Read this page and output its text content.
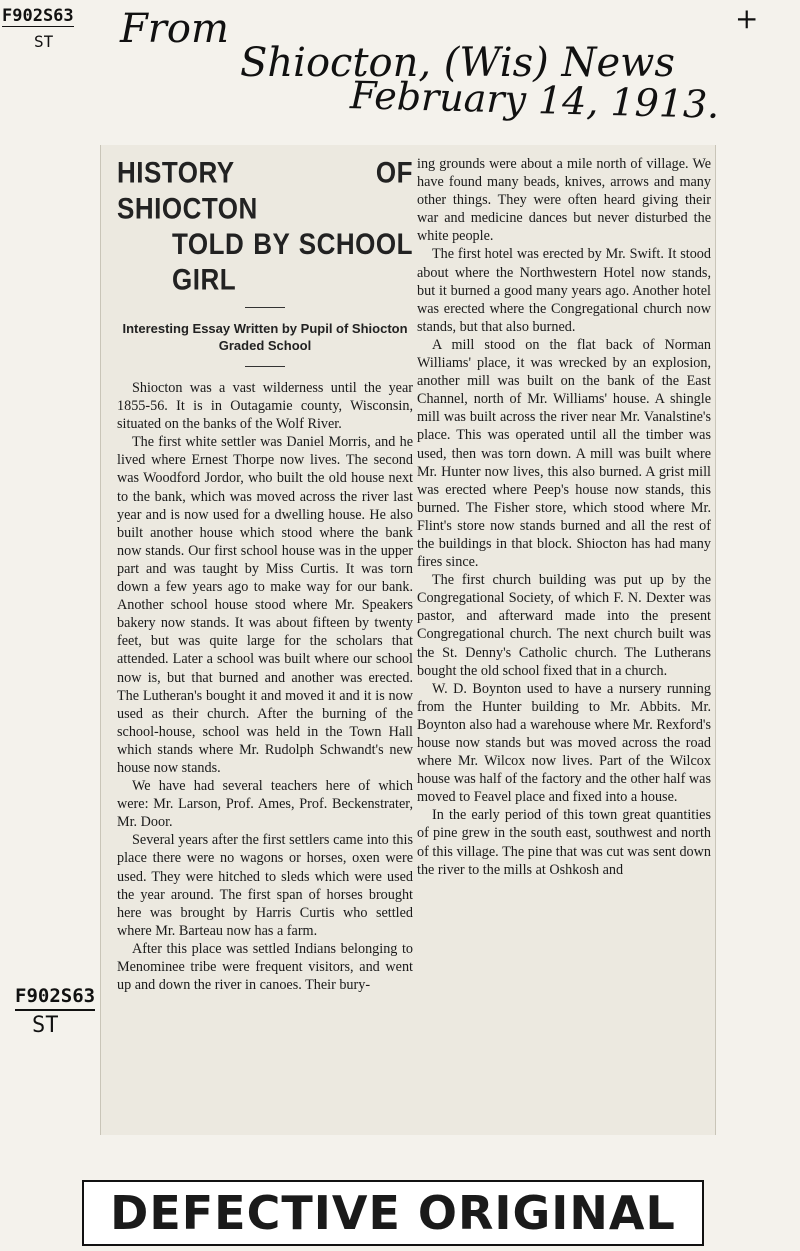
From
Shiocton, (Wis) News
February 14, 1913.
+
F902S63
ST
F902S63
ST
HISTORY OF SHIOCTON
TOLD BY SCHOOL GIRL
Interesting Essay Written by Pupil of Shiocton Graded School

Shiocton was a vast wilderness until the year 1855-56. It is in Outagamie county, Wisconsin, situated on the banks of the Wolf River.

The first white settler was Daniel Morris, and he lived where Ernest Thorpe now lives. The second was Woodford Jordor, who built the old house next to the bank, which was moved across the river last year and is now used for a dwelling house. He also built another house which stood where the bank now stands. Our first school house was in the upper part and was taught by Miss Curtis. It was torn down a few years ago to make way for our bank. Another school house stood where Mr. Speakers bakery now stands. It was about fifteen by twenty feet, but was quite large for the scholars that attended. Later a school was built where our school now is, but that burned and another was erected. The Lutheran's bought it and moved it and it is now used as their church. After the burning of the school-house, school was held in the Town Hall which stands where Mr. Rudolph Schwandt's new house now stands.

We have had several teachers here of which were: Mr. Larson, Prof. Ames, Prof. Beckenstrater, Mr. Door.

Several years after the first settlers came into this place there were no wagons or horses, oxen were used. They were hitched to sleds which were used the year around. The first span of horses brought here was brought by Harris Curtis who settled where Mr. Barteau now has a farm.

After this place was settled Indians belonging to Menominee tribe were frequent visitors, and went up and down the river in canoes. Their bury-

ing grounds were about a mile north of village. We have found many beads, knives, arrows and many other things. They were often heard giving their war and medicine dances but never disturbed the white people.

The first hotel was erected by Mr. Swift. It stood about where the Northwestern Hotel now stands, but it burned a good many years ago. Another hotel was erected where the Congregational church now stands, but that also burned.

A mill stood on the flat back of Norman Williams' place, it was wrecked by an explosion, another mill was built on the bank of the East Channel, north of Mr. Williams' house. A shingle mill was built across the river near Mr. Vanalstine's place. This was operated until all the timber was used, then was torn down. A mill was built where Mr. Hunter now lives, this also burned. A grist mill was erected where Peep's house now stands, this burned. The Fisher store, which stood where Mr. Flint's store now stands burned and all the rest of the buildings in that block. Shiocton has had many fires since.

The first church building was put up by the Congregational Society, of which F. N. Dexter was pastor, and afterward made into the present Congregational church. The next church built was the St. Denny's Catholic church. The Lutherans bought the old school fixed that in a church.

W. D. Boynton used to have a nursery running from the Hunter building to Mr. Abbits. Mr. Boynton also had a warehouse where Mr. Rexford's house now stands but was moved across the road where Mr. Wilcox now lives. Part of the Wilcox house was half of the factory and the other half was moved to Feavel place and fixed into a house.

In the early period of this town great quantities of pine grew in the south east, southwest and north of this village. The pine that was cut was sent down the river to the mills at Oshkosh and

DEFECTIVE ORIGINAL
